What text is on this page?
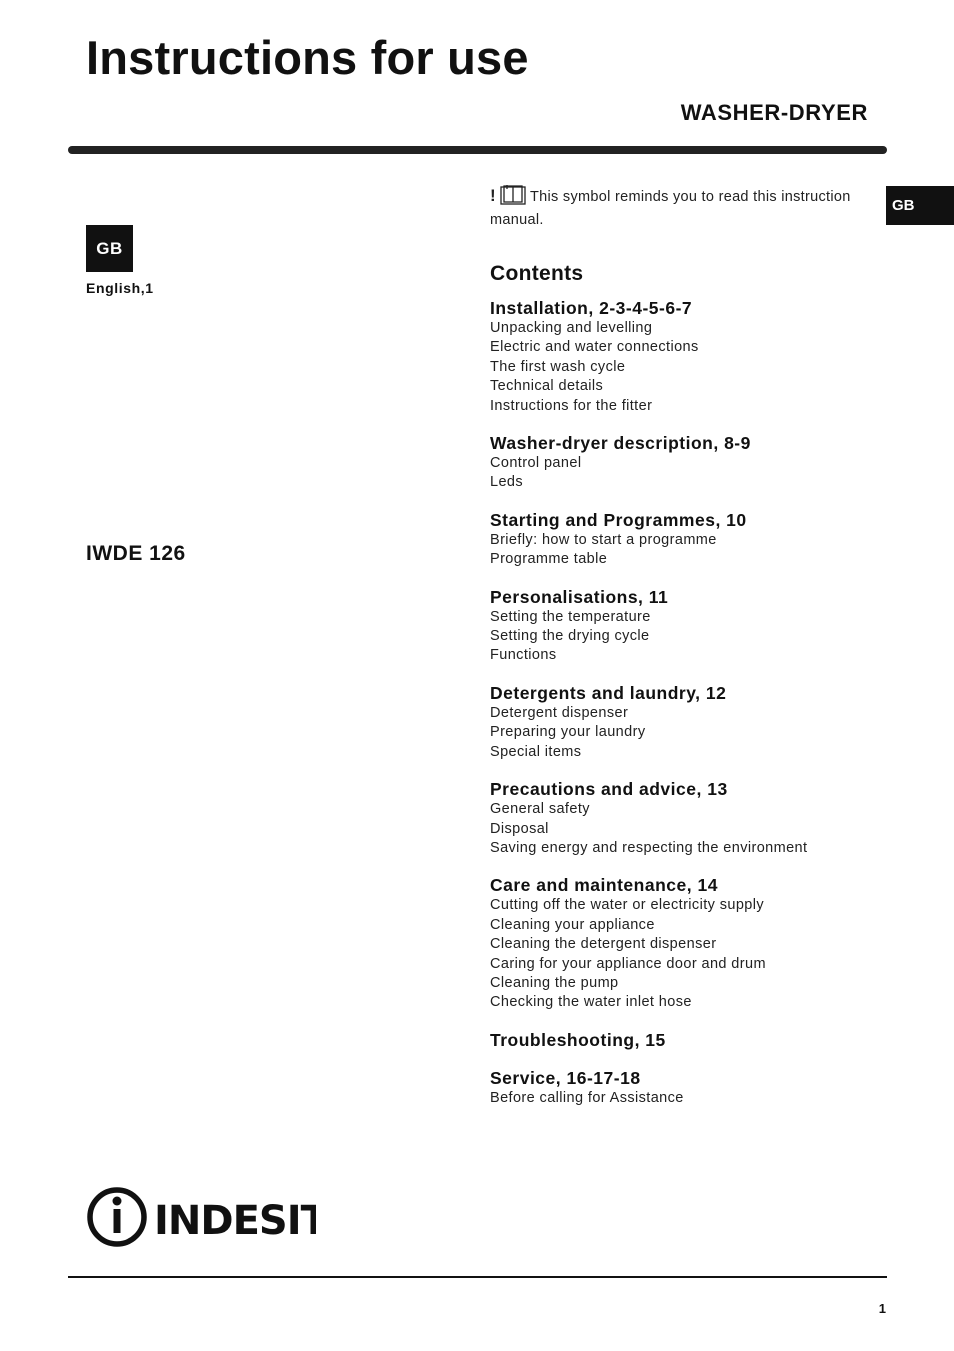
Instructions for use
WASHER-DRYER
GB
English,1
IWDE 126
GB
! This symbol reminds you to read this instruction manual.
Contents
Installation, 2-3-4-5-6-7
Unpacking and levelling
Electric and water connections
The first wash cycle
Technical details
Instructions for the fitter
Washer-dryer description, 8-9
Control panel
Leds
Starting and Programmes, 10
Briefly: how to start a programme
Programme table
Personalisations, 11
Setting the temperature
Setting the drying cycle
Functions
Detergents and laundry, 12
Detergent dispenser
Preparing your laundry
Special items
Precautions and advice, 13
General safety
Disposal
Saving energy and respecting the environment
Care and maintenance, 14
Cutting off the water or electricity supply
Cleaning your appliance
Cleaning the detergent dispenser
Caring for your appliance door and drum
Cleaning the pump
Checking the water inlet hose
Troubleshooting, 15
Service, 16-17-18
Before calling for Assistance
INDESIT
1
